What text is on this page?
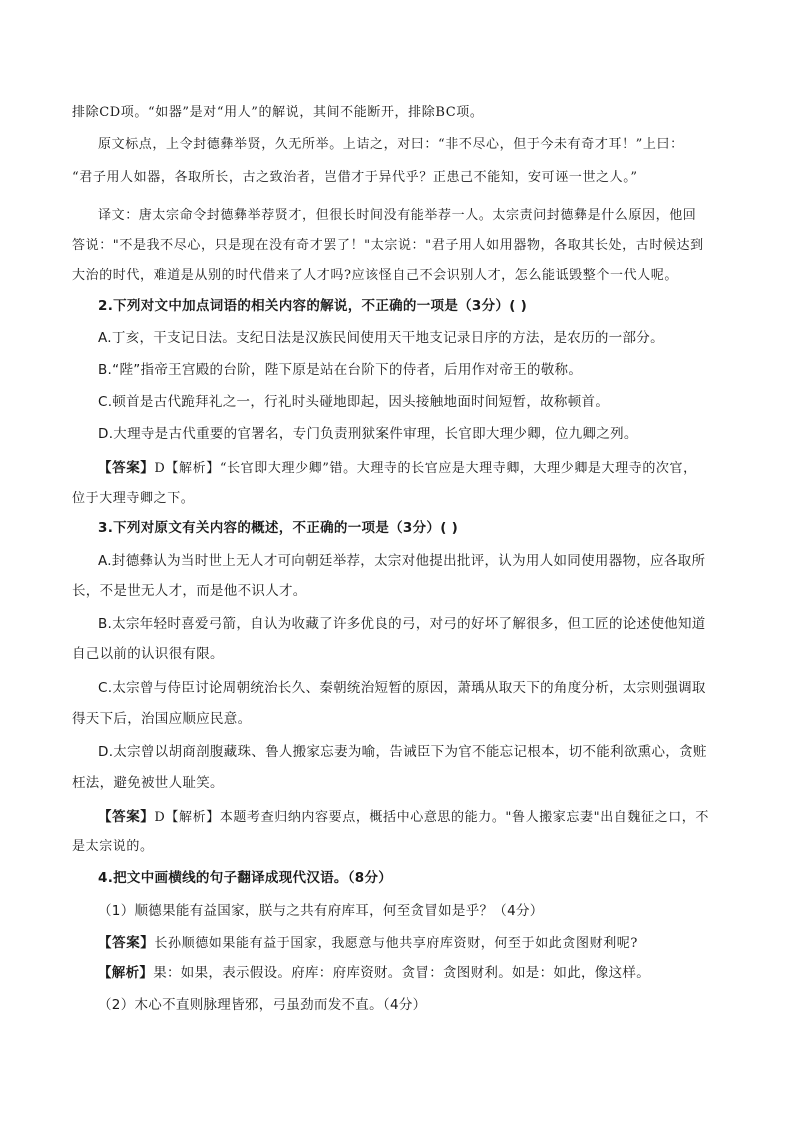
排除CD项。“如器”是对“用人”的解说，其间不能断开，排除BC项。
原文标点，上令封德彝举贤，久无所举。上诘之，对曰：“非不尽心，但于今未有奇才耳！”上曰：
“君子用人如器，各取所长，古之致治者，岂借才于异代乎？正患己不能知，安可诬一世之人。”
译文：唐太宗命令封德彝举荐贤才，但很长时间没有能举荐一人。太宗责问封德彝是什么原因，他回
答说："不是我不尽心，只是现在没有奇才罢了！"太宗说："君子用人如用器物，各取其长处，古时候达到
大治的时代，难道是从别的时代借来了人才吗?应该怪自己不会识别人才，怎么能诋毁整个一代人呢。
2.下列对文中加点词语的相关内容的解说，不正确的一项是（3分）( )
A.丁亥，干支记日法。支纪日法是汉族民间使用天干地支记录日序的方法，是农历的一部分。
B.“陛”指帝王宫殿的台阶，陛下原是站在台阶下的侍者，后用作对帝王的敬称。
C.顿首是古代跪拜礼之一，行礼时头碰地即起，因头接触地面时间短暂，故称顿首。
D.大理寺是古代重要的官署名，专门负责刑狱案件审理，长官即大理少卿，位九卿之列。
【答案】D【解析】“长官即大理少卿”错。大理寺的长官应是大理寺卿，大理少卿是大理寺的次官，
位于大理寺卿之下。
3.下列对原文有关内容的概述，不正确的一项是（3分）( )
A.封德彝认为当时世上无人才可向朝廷举荐，太宗对他提出批评，认为用人如同使用器物，应各取所
长，不是世无人才，而是他不识人才。
B.太宗年轻时喜爱弓箭，自认为收藏了许多优良的弓，对弓的好坏了解很多，但工匠的论述使他知道
自己以前的认识很有限。
C.太宗曾与侍臣讨论周朝统治长久、秦朝统治短暂的原因，萧瑀从取天下的角度分析，太宗则强调取
得天下后，治国应顺应民意。
D.太宗曾以胡商剖腹藏珠、鲁人搬家忘妻为喻，告诫臣下为官不能忘记根本，切不能利欲熏心，贪赃
枉法，避免被世人耻笑。
【答案】D【解析】本题考查归纳内容要点，概括中心意思的能力。"鲁人搬家忘妻"出自魏征之口，不
是太宗说的。
4.把文中画横线的句子翻译成现代汉语。（8分）
（1）顺德果能有益国家，朕与之共有府库耳，何至贪冒如是乎？（4分）
【答案】长孙顺德如果能有益于国家，我愿意与他共享府库资财，何至于如此贪图财利呢?
【解析】果：如果，表示假设。府库：府库资财。贪冒：贪图财利。如是：如此，像这样。
（2）木心不直则脉理皆邪，弓虽劲而发不直。（4分）
